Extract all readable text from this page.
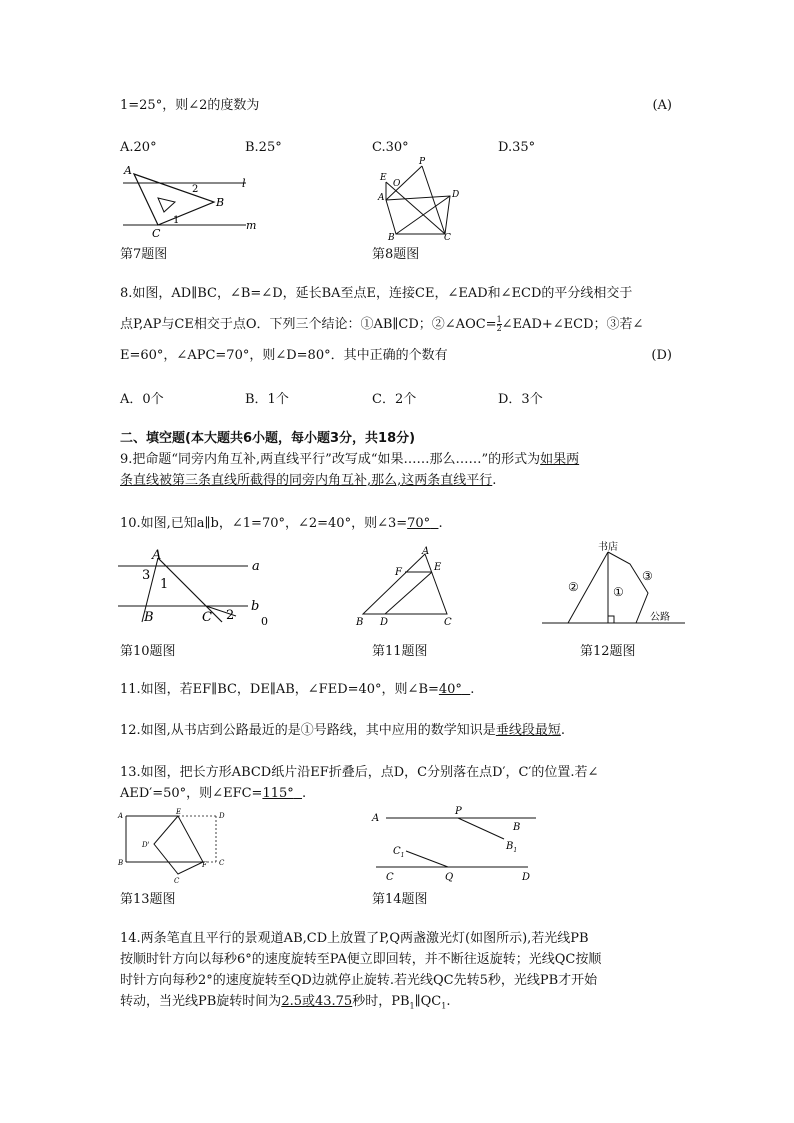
1=25°，则∠2的度数为	(A)
A.20°	B.25°	C.30°	D.35°
A
B
C
2
1
l
m
第7题图
P
E
O
A	D
B	C
第8题图
8.如图，AD∥BC，∠B=∠D，延长BA至点E，连接CE，∠EAD和∠ECD的平分线相交于
点P,AP与CE相交于点O．下列三个结论：①AB∥CD；②∠AOC= $\frac{1}{2}$ ∠EAD+∠ECD；③若∠
E=60°，∠APC=70°，则∠D=80°．其中正确的个数有	(D)
A．0个	B．1个	C．2个	D．3个
二、填空题(本大题共6小题，每小题3分，共18分)
9.把命题“同旁内角互补,两直线平行”改写成“如果……那么……”的形式为如果两
条直线被第三条直线所截得的同旁内角互补,那么,这两条直线平行.
10.如图,已知a∥b，∠1=70°，∠2=40°，则∠3=70° .
A
a
3
1
B	C 2
b
0
第10题图
A
F	E
B D	C
第11题图
书店
②	①
③
公路
第12题图
11.如图，若EF∥BC，DE∥AB，∠FED=40°，则∠B=40° .
12.如图,从书店到公路最近的是①号路线，其中应用的数学知识是垂线段最短.
13.如图，把长方形ABCD纸片沿EF折叠后，点D，C分别落在点D′，C′的位置.若∠
AED′=50°，则∠EFC=115° .
A	E	D
D'
B	F C
C
第13题图
A
P
B
$B_1$
$C_1$
C	Q	D
第14题图
14.两条笔直且平行的景观道AB,CD上放置了P,Q两盏激光灯(如图所示),若光线PB
按顺时针方向以每秒6°的速度旋转至PA便立即回转，并不断往返旋转；光线QC按顺
时针方向每秒2°的速度旋转至QD边就停止旋转.若光线QC先转5秒，光线PB才开始
转动，当光线PB旋转时间为2.5或43.75秒时，$PB_1\parallel QC_1$.
